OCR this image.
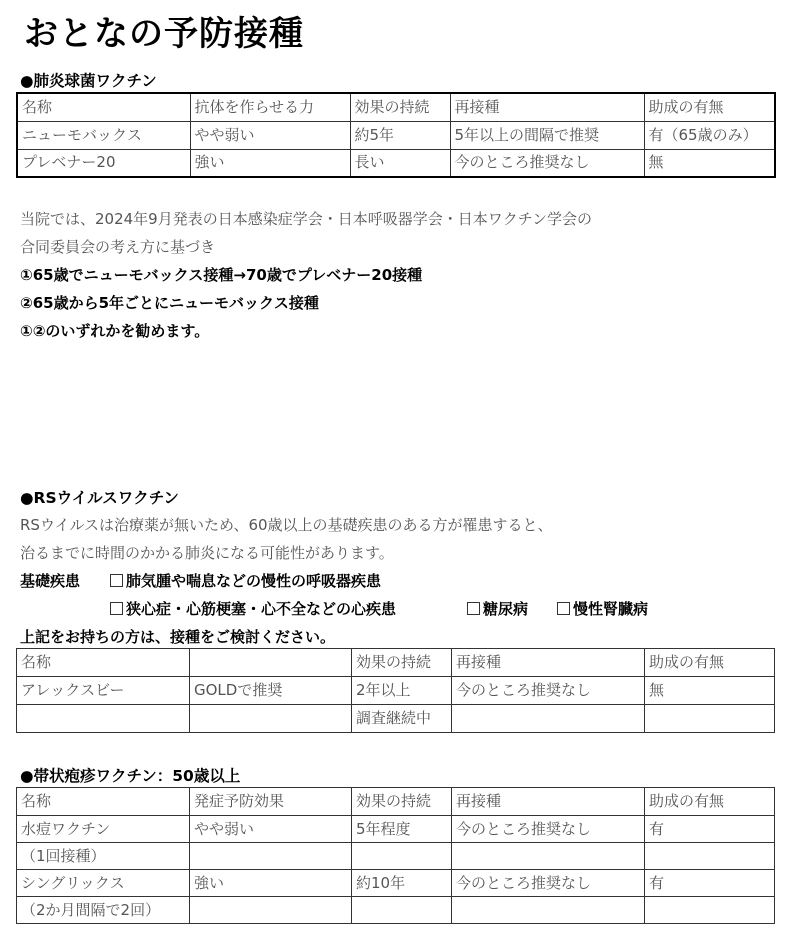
おとなの予防接種
●肺炎球菌ワクチン
名称	抗体を作らせる力	効果の持続	再接種	助成の有無
ニューモバックス	やや弱い	約5年	5年以上の間隔で推奨	有（65歳のみ）
プレベナー20	強い	長い	今のところ推奨なし	無
当院では、2024年9月発表の日本感染症学会・日本呼吸器学会・日本ワクチン学会の
合同委員会の考え方に基づき
①65歳でニューモバックス接種→70歳でプレベナー20接種
②65歳から5年ごとにニューモバックス接種
①②のいずれかを勧めます。
●RSウイルスワクチン
RSウイルスは治療薬が無いため、60歳以上の基礎疾患のある方が罹患すると、
治るまでに時間のかかる肺炎になる可能性があります。
基礎疾患	肺気腫や喘息などの慢性の呼吸器疾患
狭心症・心筋梗塞・心不全などの心疾患	糖尿病	慢性腎臓病
上記をお持ちの方は、接種をご検討ください。
名称		効果の持続	再接種	助成の有無
アレックスビー	GOLDで推奨	2年以上	今のところ推奨なし	無
		調査継続中		
●帯状疱疹ワクチン：50歳以上
名称	発症予防効果	効果の持続	再接種	助成の有無
水痘ワクチン	やや弱い	5年程度	今のところ推奨なし	有
（1回接種）				
シングリックス	強い	約10年	今のところ推奨なし	有
（2か月間隔で2回）				
